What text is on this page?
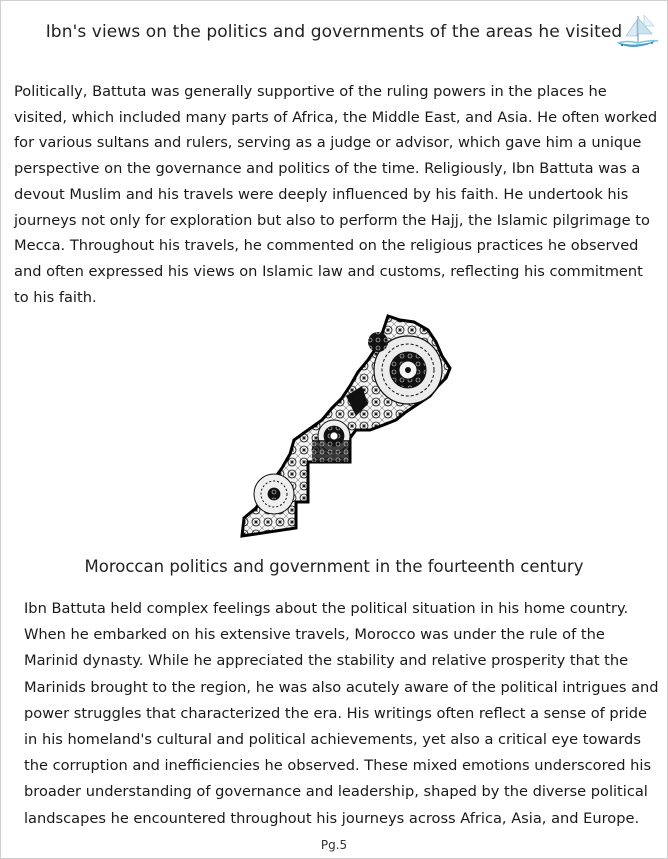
Ibn's views on the politics and governments of the areas he visited
Politically, Battuta was generally supportive of the ruling powers in the places he visited, which included many parts of Africa, the Middle East, and Asia. He often worked for various sultans and rulers, serving as a judge or advisor, which gave him a unique perspective on the governance and politics of the time. Religiously, Ibn Battuta was a devout Muslim and his travels were deeply influenced by his faith. He undertook his journeys not only for exploration but also to perform the Hajj, the Islamic pilgrimage to Mecca. Throughout his travels, he commented on the religious practices he observed and often expressed his views on Islamic law and customs, reflecting his commitment to his faith.
Moroccan politics and government in the fourteenth century
Ibn Battuta held complex feelings about the political situation in his home country. When he embarked on his extensive travels, Morocco was under the rule of the Marinid dynasty. While he appreciated the stability and relative prosperity that the Marinids brought to the region, he was also acutely aware of the political intrigues and power struggles that characterized the era. His writings often reflect a sense of pride in his homeland's cultural and political achievements, yet also a critical eye towards the corruption and inefficiencies he observed. These mixed emotions underscored his broader understanding of governance and leadership, shaped by the diverse political landscapes he encountered throughout his journeys across Africa, Asia, and Europe.
Pg.5
